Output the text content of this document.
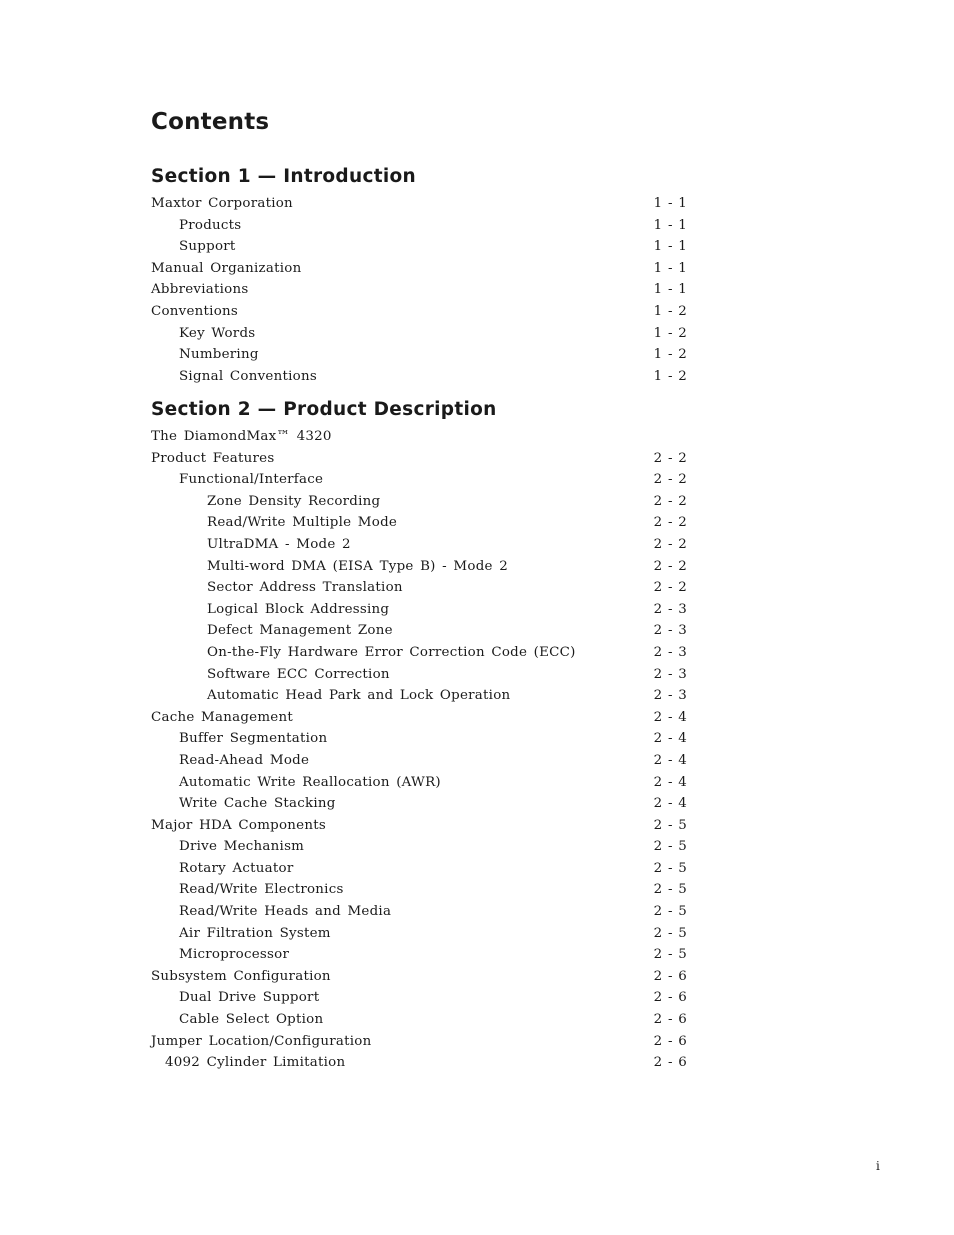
Contents
Section 1 — Introduction
Maxtor Corporation	1 - 1
Products	1 - 1
Support	1 - 1
Manual Organization	1 - 1
Abbreviations	1 - 1
Conventions	1 - 2
Key Words	1 - 2
Numbering	1 - 2
Signal Conventions	1 - 2
Section 2 — Product Description
The DiamondMax™ 4320
Product Features	2 - 2
Functional/Interface	2 - 2
Zone Density Recording	2 - 2
Read/Write Multiple Mode	2 - 2
UltraDMA - Mode 2	2 - 2
Multi-word DMA (EISA Type B) - Mode 2	2 - 2
Sector Address Translation	2 - 2
Logical Block Addressing	2 - 3
Defect Management Zone	2 - 3
On-the-Fly Hardware Error Correction Code (ECC)	2 - 3
Software ECC Correction	2 - 3
Automatic Head Park and Lock Operation	2 - 3
Cache Management	2 - 4
Buffer Segmentation	2 - 4
Read-Ahead Mode	2 - 4
Automatic Write Reallocation (AWR)	2 - 4
Write Cache Stacking	2 - 4
Major HDA Components	2 - 5
Drive Mechanism	2 - 5
Rotary Actuator	2 - 5
Read/Write Electronics	2 - 5
Read/Write Heads and Media	2 - 5
Air Filtration System	2 - 5
Microprocessor	2 - 5
Subsystem Configuration	2 - 6
Dual Drive Support	2 - 6
Cable Select Option	2 - 6
Jumper Location/Configuration	2 - 6
4092 Cylinder Limitation	2 - 6
i
